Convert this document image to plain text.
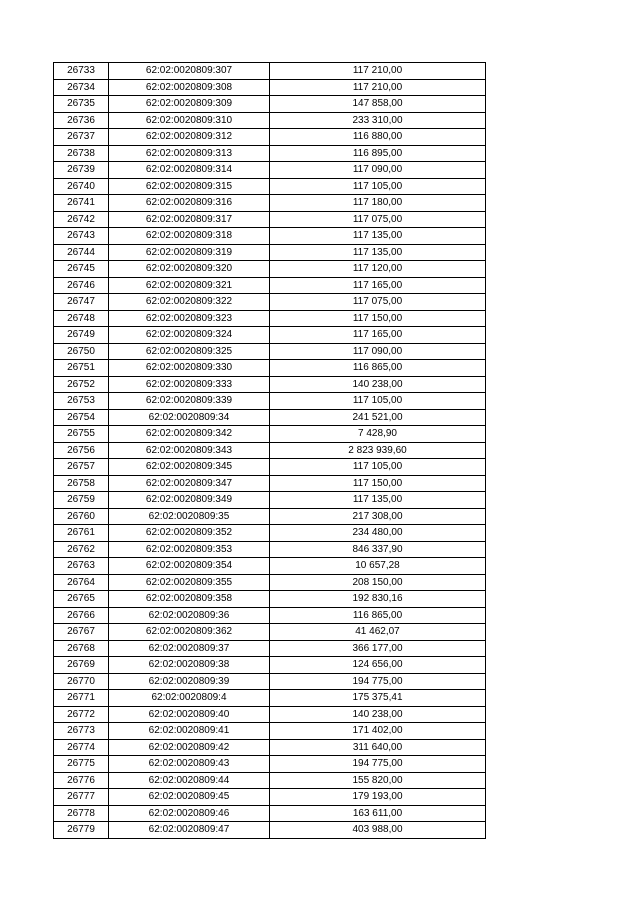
26733	62:02:0020809:307	117 210,00
26734	62:02:0020809:308	117 210,00
26735	62:02:0020809:309	147 858,00
26736	62:02:0020809:310	233 310,00
26737	62:02:0020809:312	116 880,00
26738	62:02:0020809:313	116 895,00
26739	62:02:0020809:314	117 090,00
26740	62:02:0020809:315	117 105,00
26741	62:02:0020809:316	117 180,00
26742	62:02:0020809:317	117 075,00
26743	62:02:0020809:318	117 135,00
26744	62:02:0020809:319	117 135,00
26745	62:02:0020809:320	117 120,00
26746	62:02:0020809:321	117 165,00
26747	62:02:0020809:322	117 075,00
26748	62:02:0020809:323	117 150,00
26749	62:02:0020809:324	117 165,00
26750	62:02:0020809:325	117 090,00
26751	62:02:0020809:330	116 865,00
26752	62:02:0020809:333	140 238,00
26753	62:02:0020809:339	117 105,00
26754	62:02:0020809:34	241 521,00
26755	62:02:0020809:342	7 428,90
26756	62:02:0020809:343	2 823 939,60
26757	62:02:0020809:345	117 105,00
26758	62:02:0020809:347	117 150,00
26759	62:02:0020809:349	117 135,00
26760	62:02:0020809:35	217 308,00
26761	62:02:0020809:352	234 480,00
26762	62:02:0020809:353	846 337,90
26763	62:02:0020809:354	10 657,28
26764	62:02:0020809:355	208 150,00
26765	62:02:0020809:358	192 830,16
26766	62:02:0020809:36	116 865,00
26767	62:02:0020809:362	41 462,07
26768	62:02:0020809:37	366 177,00
26769	62:02:0020809:38	124 656,00
26770	62:02:0020809:39	194 775,00
26771	62:02:0020809:4	175 375,41
26772	62:02:0020809:40	140 238,00
26773	62:02:0020809:41	171 402,00
26774	62:02:0020809:42	311 640,00
26775	62:02:0020809:43	194 775,00
26776	62:02:0020809:44	155 820,00
26777	62:02:0020809:45	179 193,00
26778	62:02:0020809:46	163 611,00
26779	62:02:0020809:47	403 988,00
